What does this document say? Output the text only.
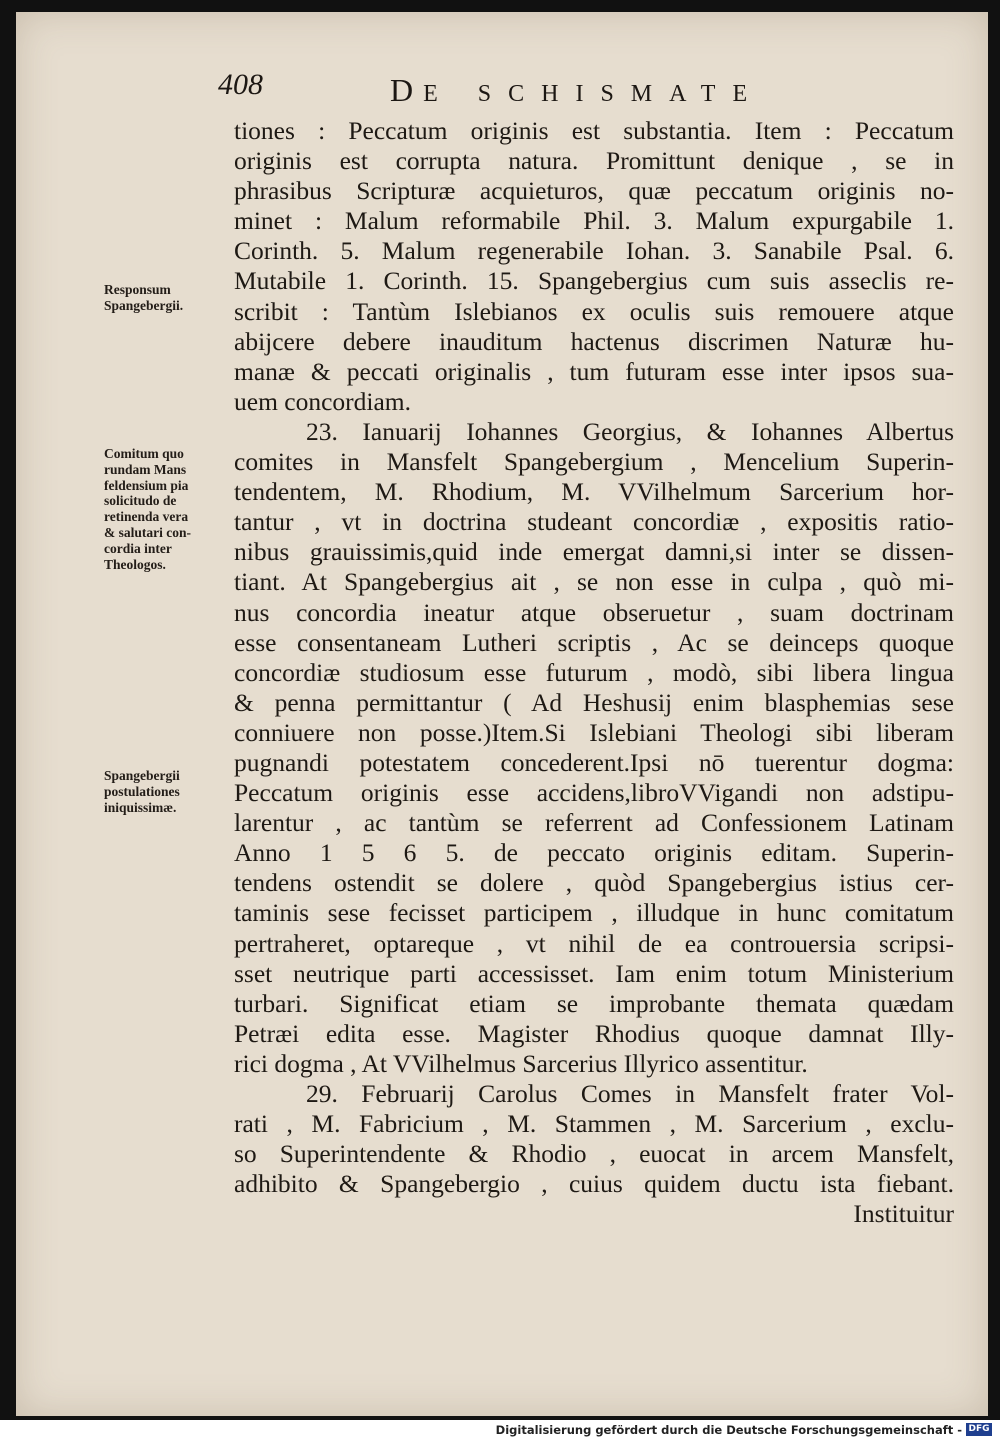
408	DE SCHISMATE
tiones : Peccatum originis est substantia. Item : Peccatum
originis est corrupta natura. Promittunt denique , se in
phrasibus Scripturæ acquieturos, quæ peccatum originis no-
minet : Malum reformabile Phil. 3. Malum expurgabile 1.
Corinth. 5. Malum regenerabile Iohan. 3. Sanabile Psal. 6.
Mutabile 1. Corinth. 15. Spangebergius cum suis asseclis re-
scribit : Tantùm Islebianos ex oculis suis remouere atque
abijcere debere inauditum hactenus discrimen Naturæ hu-
manæ & peccati originalis , tum futuram esse inter ipsos sua-
uem concordiam.
23. Ianuarij Iohannes Georgius, & Iohannes Albertus
comites in Mansfelt Spangebergium , Mencelium Superin-
tendentem, M. Rhodium, M. VVilhelmum Sarcerium hor-
tantur , vt in doctrina studeant concordiæ , expositis ratio-
nibus grauissimis,quid inde emergat damni,si inter se dissen-
tiant. At Spangebergius ait , se non esse in culpa , quò mi-
nus concordia ineatur atque obseruetur , suam doctrinam
esse consentaneam Lutheri scriptis , Ac se deinceps quoque
concordiæ studiosum esse futurum , modò, sibi libera lingua
& penna permittantur ( Ad Heshusij enim blasphemias sese
conniuere non posse.)Item.Si Islebiani Theologi sibi liberam
pugnandi potestatem concederent.Ipsi nō tuerentur dogma:
Peccatum originis esse accidens,libroVVigandi non adstipu-
larentur , ac tantùm se referrent ad Confessionem Latinam
Anno 1 5 6 5. de peccato originis editam. Superin-
tendens ostendit se dolere , quòd Spangebergius istius cer-
taminis sese fecisset participem , illudque in hunc comitatum
pertraheret, optareque , vt nihil de ea controuersia scripsi-
sset neutrique parti accessisset. Iam enim totum Ministerium
turbari. Significat etiam se improbante themata quædam
Petræi edita esse. Magister Rhodius quoque damnat Illy-
rici dogma , At VVilhelmus Sarcerius Illyrico assentitur.
29. Februarij Carolus Comes in Mansfelt frater Vol-
rati , M. Fabricium , M. Stammen , M. Sarcerium , exclu-
so Superintendente & Rhodio , euocat in arcem Mansfelt,
adhibito & Spangebergio , cuius quidem ductu ista fiebant.
Instituitur
Responsum
Spangebergii.
Comitum quo
rundam Mans
feldensium pia
solicitudo de
retinenda vera
& salutari con-
cordia inter
Theologos.
Spangebergii
postulationes
iniquissimæ.
Digitalisierung gefördert durch die Deutsche Forschungsgemeinschaft - DFG
